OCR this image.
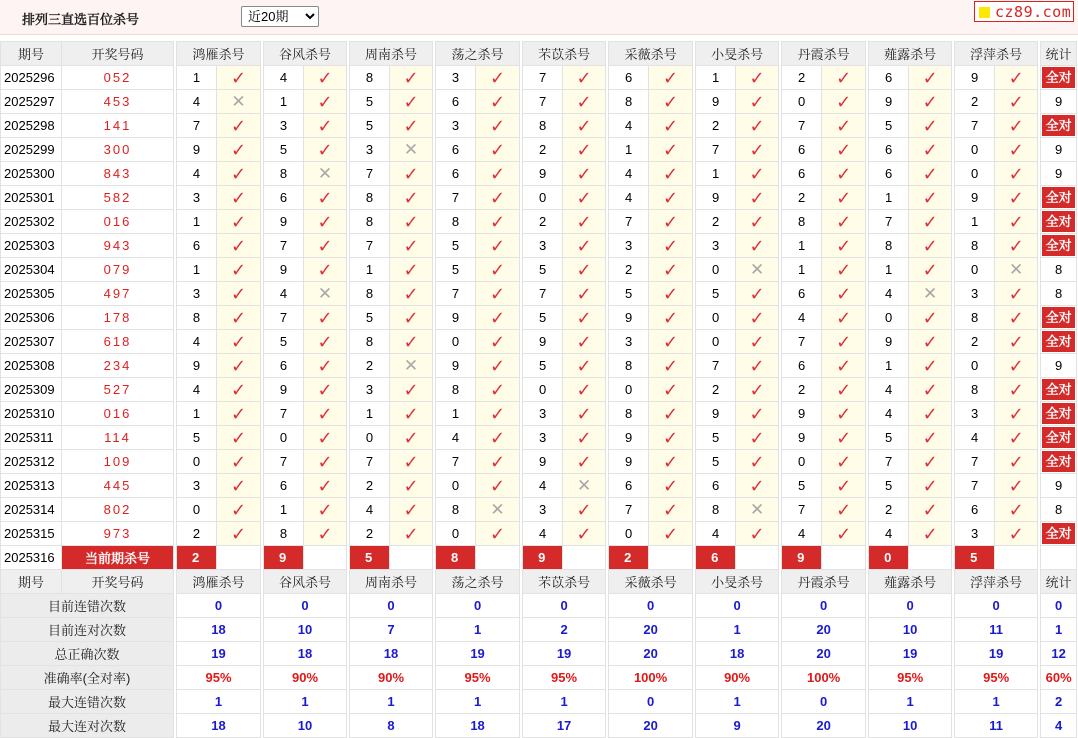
排列三直选百位杀号
近20期	cz89.com
期号	开奖号码		鸿雁杀号			谷风杀号			周南杀号			荡之杀号			芣苡杀号			采薇杀号			小旻杀号			丹霞杀号			薤露杀号			浮萍杀号			统计
2025296	052		1	✓		4	✓		8	✓		3	✓		7	✓		6	✓		1	✓		2	✓		6	✓		9	✓		全对
2025297	453		4	✕		1	✓		5	✓		6	✓		7	✓		8	✓		9	✓		0	✓		9	✓		2	✓		9
2025298	141		7	✓		3	✓		5	✓		3	✓		8	✓		4	✓		2	✓		7	✓		5	✓		7	✓		全对
2025299	300		9	✓		5	✓		3	✕		6	✓		2	✓		1	✓		7	✓		6	✓		6	✓		0	✓		9
2025300	843		4	✓		8	✕		7	✓		6	✓		9	✓		4	✓		1	✓		6	✓		6	✓		0	✓		9
2025301	582		3	✓		6	✓		8	✓		7	✓		0	✓		4	✓		9	✓		2	✓		1	✓		9	✓		全对
2025302	016		1	✓		9	✓		8	✓		8	✓		2	✓		7	✓		2	✓		8	✓		7	✓		1	✓		全对
2025303	943		6	✓		7	✓		7	✓		5	✓		3	✓		3	✓		3	✓		1	✓		8	✓		8	✓		全对
2025304	079		1	✓		9	✓		1	✓		5	✓		5	✓		2	✓		0	✕		1	✓		1	✓		0	✕		8
2025305	497		3	✓		4	✕		8	✓		7	✓		7	✓		5	✓		5	✓		6	✓		4	✕		3	✓		8
2025306	178		8	✓		7	✓		5	✓		9	✓		5	✓		9	✓		0	✓		4	✓		0	✓		8	✓		全对
2025307	618		4	✓		5	✓		8	✓		0	✓		9	✓		3	✓		0	✓		7	✓		9	✓		2	✓		全对
2025308	234		9	✓		6	✓		2	✕		9	✓		5	✓		8	✓		7	✓		6	✓		1	✓		0	✓		9
2025309	527		4	✓		9	✓		3	✓		8	✓		0	✓		0	✓		2	✓		2	✓		4	✓		8	✓		全对
2025310	016		1	✓		7	✓		1	✓		1	✓		3	✓		8	✓		9	✓		9	✓		4	✓		3	✓		全对
2025311	114		5	✓		0	✓		0	✓		4	✓		3	✓		9	✓		5	✓		9	✓		5	✓		4	✓		全对
2025312	109		0	✓		7	✓		7	✓		7	✓		9	✓		9	✓		5	✓		0	✓		7	✓		7	✓		全对
2025313	445		3	✓		6	✓		2	✓		0	✓		4	✕		6	✓		6	✓		5	✓		5	✓		7	✓		9
2025314	802		0	✓		1	✓		4	✓		8	✕		3	✓		7	✓		8	✕		7	✓		2	✓		6	✓		8
2025315	973		2	✓		8	✓		2	✓		0	✓		4	✓		0	✓		4	✓		4	✓		4	✓		3	✓		全对
2025316	当前期杀号		2			9			5			8			9			2			6			9			0			5			
期号	开奖号码		鸿雁杀号			谷风杀号			周南杀号			荡之杀号			芣苡杀号			采薇杀号			小旻杀号			丹霞杀号			薤露杀号			浮萍杀号			统计
目前连错次数			0			0			0			0			0			0			0			0			0			0			0
目前连对次数			18			10			7			1			2			20			1			20			10			11			1
总正确次数			19			18			18			19			19			20			18			20			19			19			12
准确率(全对率)			95%			90%			90%			95%			95%			100%			90%			100%			95%			95%			60%
最大连错次数			1			1			1			1			1			0			1			0			1			1			2
最大连对次数			18			10			8			18			17			20			9			20			10			11			4
